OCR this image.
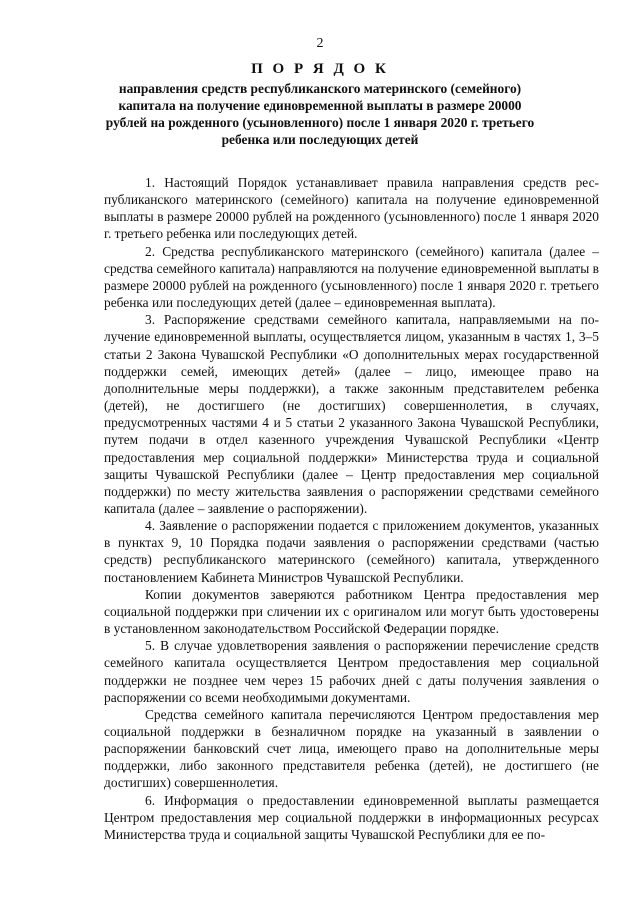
2

П О Р Я Д О К

направления средств республиканского материнского (семейного) капитала на получение единовременной выплаты в размере 20000 рублей на рожденного (усыновленного) после 1 января 2020 г. третьего ребенка или последующих детей

1. Настоящий Порядок устанавливает правила направления средств республиканского материнского (семейного) капитала на получение единовременной выплаты в размере 20000 рублей на рожденного (усыновленного) после 1 января 2020 г. третьего ребенка или последующих детей.

2. Средства республиканского материнского (семейного) капитала (далее – средства семейного капитала) направляются на получение единовременной выплаты в размере 20000 рублей на рожденного (усыновленного) после 1 января 2020 г. третьего ребенка или последующих детей (далее – единовременная выплата).

3. Распоряжение средствами семейного капитала, направляемыми на получение единовременной выплаты, осуществляется лицом, указанным в частях 1, 3–5 статьи 2 Закона Чувашской Республики «О дополнительных мерах государственной поддержки семей, имеющих детей» (далее – лицо, имеющее право на дополнительные меры поддержки), а также законным представителем ребенка (детей), не достигшего (не достигших) совершеннолетия, в случаях, предусмотренных частями 4 и 5 статьи 2 указанного Закона Чувашской Республики, путем подачи в отдел казенного учреждения Чувашской Республики «Центр предоставления мер социальной поддержки» Министерства труда и социальной защиты Чувашской Республики (далее – Центр предоставления мер социальной поддержки) по месту жительства заявления о распоряжении средствами семейного капитала (далее – заявление о распоряжении).

4. Заявление о распоряжении подается с приложением документов, указанных в пунктах 9, 10 Порядка подачи заявления о распоряжении средствами (частью средств) республиканского материнского (семейного) капитала, утвержденного постановлением Кабинета Министров Чувашской Республики.

Копии документов заверяются работником Центра предоставления мер социальной поддержки при сличении их с оригиналом или могут быть удостоверены в установленном законодательством Российской Федерации порядке.

5. В случае удовлетворения заявления о распоряжении перечисление средств семейного капитала осуществляется Центром предоставления мер социальной поддержки не позднее чем через 15 рабочих дней с даты получения заявления о распоряжении со всеми необходимыми документами.

Средства семейного капитала перечисляются Центром предоставления мер социальной поддержки в безналичном порядке на указанный в заявлении о распоряжении банковский счет лица, имеющего право на дополнительные меры поддержки, либо законного представителя ребенка (детей), не достигшего (не достигших) совершеннолетия.

6. Информация о предоставлении единовременной выплаты размещается Центром предоставления мер социальной поддержки в информационных ресурсах Министерства труда и социальной защиты Чувашской Республики для ее по-
